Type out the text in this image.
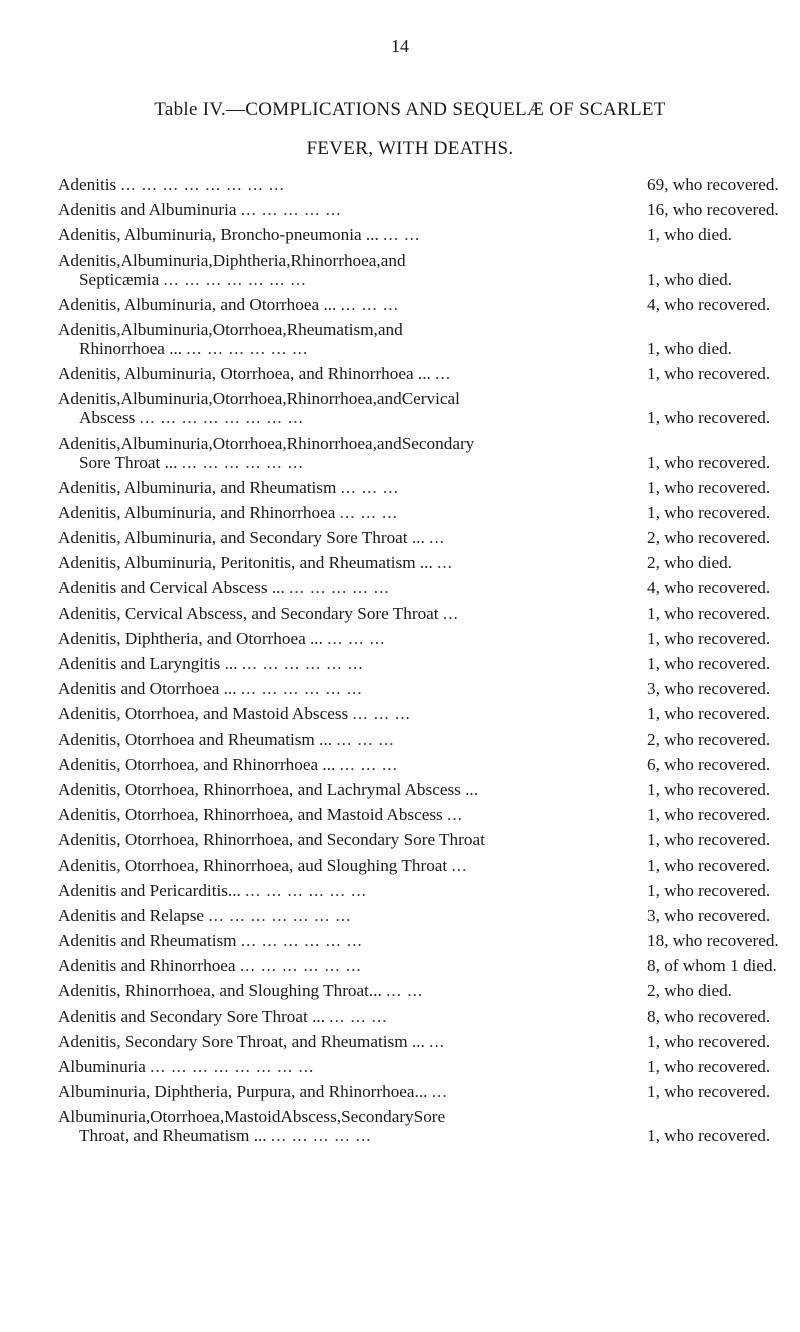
14
Table IV.—COMPLICATIONS AND SEQUELÆ OF SCARLET
FEVER, WITH DEATHS.
Adenitis ... ... ... ... ... ... ... ...	69, who recovered.
Adenitis and Albuminuria ... ... ... ... ...	16, who recovered.
Adenitis, Albuminuria, Broncho-pneumonia ... ... ...	1, who died.
Adenitis,Albuminuria,Diphtheria,Rhinorrhoea,and
Septicæmia ... ... ... ... ... ... ...	1, who died.
Adenitis, Albuminuria, and Otorrhoea ... ... ... ...	4, who recovered.
Adenitis,Albuminuria,Otorrhoea,Rheumatism,and
Rhinorrhoea ... ... ... ... ... ... ...	1, who died.
Adenitis, Albuminuria, Otorrhoea, and Rhinorrhoea ... ...	1, who recovered.
Adenitis,Albuminuria,Otorrhoea,Rhinorrhoea,andCervical
Abscess ... ... ... ... ... ... ... ...	1, who recovered.
Adenitis,Albuminuria,Otorrhoea,Rhinorrhoea,andSecondary
Sore Throat ... ... ... ... ... ... ...	1, who recovered.
Adenitis, Albuminuria, and Rheumatism ... ... ...	1, who recovered.
Adenitis, Albuminuria, and Rhinorrhoea ... ... ...	1, who recovered.
Adenitis, Albuminuria, and Secondary Sore Throat ... ...	2, who recovered.
Adenitis, Albuminuria, Peritonitis, and Rheumatism ... ...	2, who died.
Adenitis and Cervical Abscess ... ... ... ... ... ...	4, who recovered.
Adenitis, Cervical Abscess, and Secondary Sore Throat ...	1, who recovered.
Adenitis, Diphtheria, and Otorrhoea ... ... ... ...	1, who recovered.
Adenitis and Laryngitis ... ... ... ... ... ... ...	1, who recovered.
Adenitis and Otorrhoea ... ... ... ... ... ... ...	3, who recovered.
Adenitis, Otorrhoea, and Mastoid Abscess ... ... ...	1, who recovered.
Adenitis, Otorrhoea and Rheumatism ... ... ... ...	2, who recovered.
Adenitis, Otorrhoea, and Rhinorrhoea ... ... ... ...	6, who recovered.
Adenitis, Otorrhoea, Rhinorrhoea, and Lachrymal Abscess ...	1, who recovered.
Adenitis, Otorrhoea, Rhinorrhoea, and Mastoid Abscess ...	1, who recovered.
Adenitis, Otorrhoea, Rhinorrhoea, and Secondary Sore Throat	1, who recovered.
Adenitis, Otorrhoea, Rhinorrhoea, aud Sloughing Throat ...	1, who recovered.
Adenitis and Pericarditis... ... ... ... ... ... ...	1, who recovered.
Adenitis and Relapse ... ... ... ... ... ... ...	3, who recovered.
Adenitis and Rheumatism ... ... ... ... ... ...	18, who recovered.
Adenitis and Rhinorrhoea ... ... ... ... ... ...	8, of whom 1 died.
Adenitis, Rhinorrhoea, and Sloughing Throat... ... ...	2, who died.
Adenitis and Secondary Sore Throat ... ... ... ...	8, who recovered.
Adenitis, Secondary Sore Throat, and Rheumatism ... ...	1, who recovered.
Albuminuria ... ... ... ... ... ... ... ...	1, who recovered.
Albuminuria, Diphtheria, Purpura, and Rhinorrhoea... ...	1, who recovered.
Albuminuria,Otorrhoea,MastoidAbscess,SecondarySore
Throat, and Rheumatism ... ... ... ... ... ...	1, who recovered.
